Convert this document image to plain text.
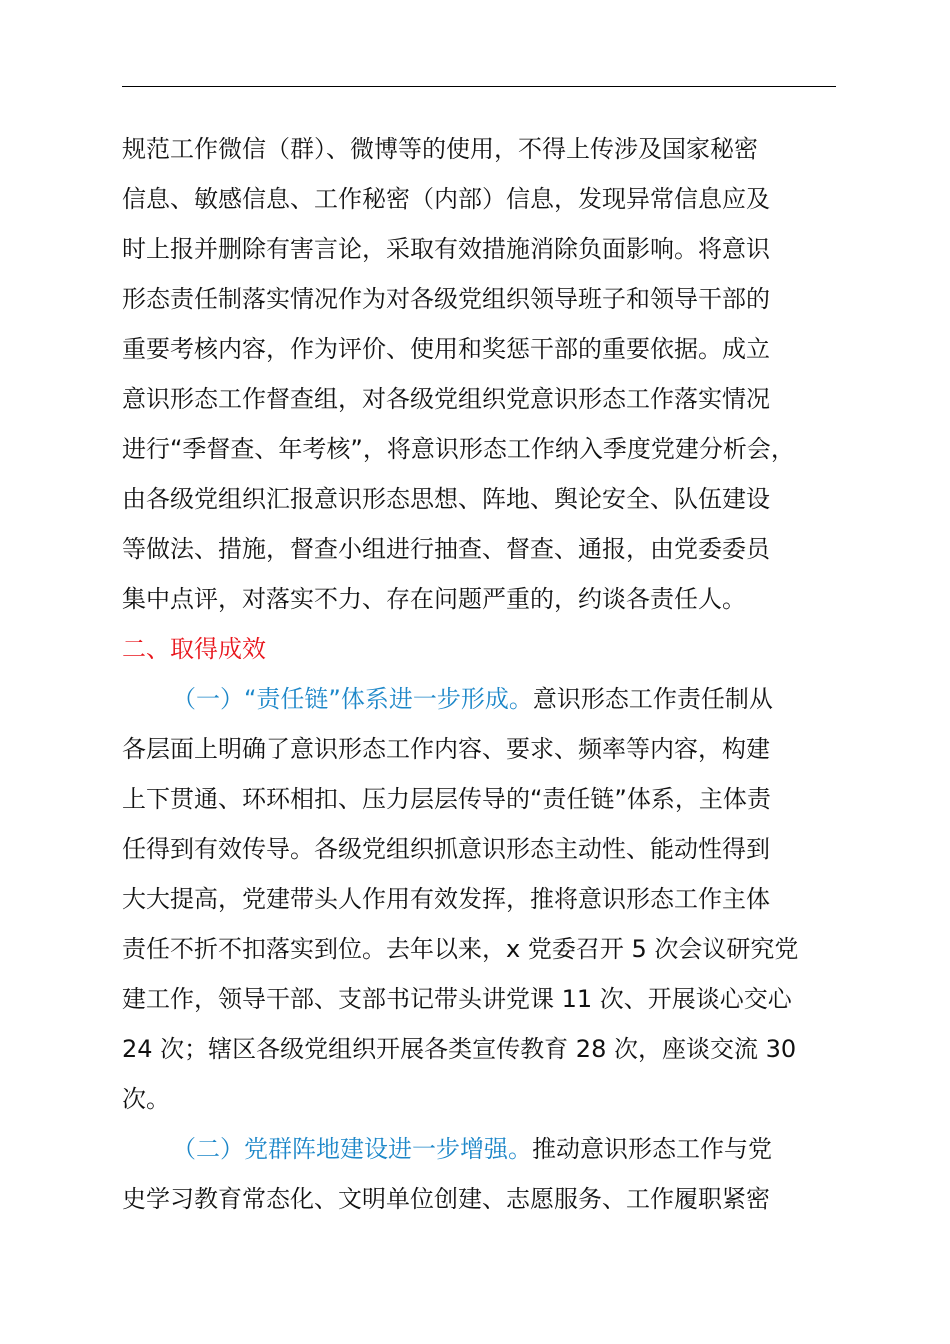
规范工作微信（群）、微博等的使用，不得上传涉及国家秘密
信息、敏感信息、工作秘密（内部）信息，发现异常信息应及
时上报并删除有害言论，采取有效措施消除负面影响。将意识
形态责任制落实情况作为对各级党组织领导班子和领导干部的
重要考核内容，作为评价、使用和奖惩干部的重要依据。成立
意识形态工作督查组，对各级党组织党意识形态工作落实情况
进行“季督查、年考核”，将意识形态工作纳入季度党建分析会，
由各级党组织汇报意识形态思想、阵地、舆论安全、队伍建设
等做法、措施，督查小组进行抽查、督查、通报，由党委委员
集中点评，对落实不力、存在问题严重的，约谈各责任人。

二、取得成效

（一）“责任链”体系进一步形成。意识形态工作责任制从
各层面上明确了意识形态工作内容、要求、频率等内容，构建
上下贯通、环环相扣、压力层层传导的“责任链”体系，主体责
任得到有效传导。各级党组织抓意识形态主动性、能动性得到
大大提高，党建带头人作用有效发挥，推将意识形态工作主体
责任不折不扣落实到位。去年以来，x 党委召开 5 次会议研究党
建工作，领导干部、支部书记带头讲党课 11 次、开展谈心交心
24 次；辖区各级党组织开展各类宣传教育 28 次，座谈交流 30
次。

（二）党群阵地建设进一步增强。推动意识形态工作与党
史学习教育常态化、文明单位创建、志愿服务、工作履职紧密
